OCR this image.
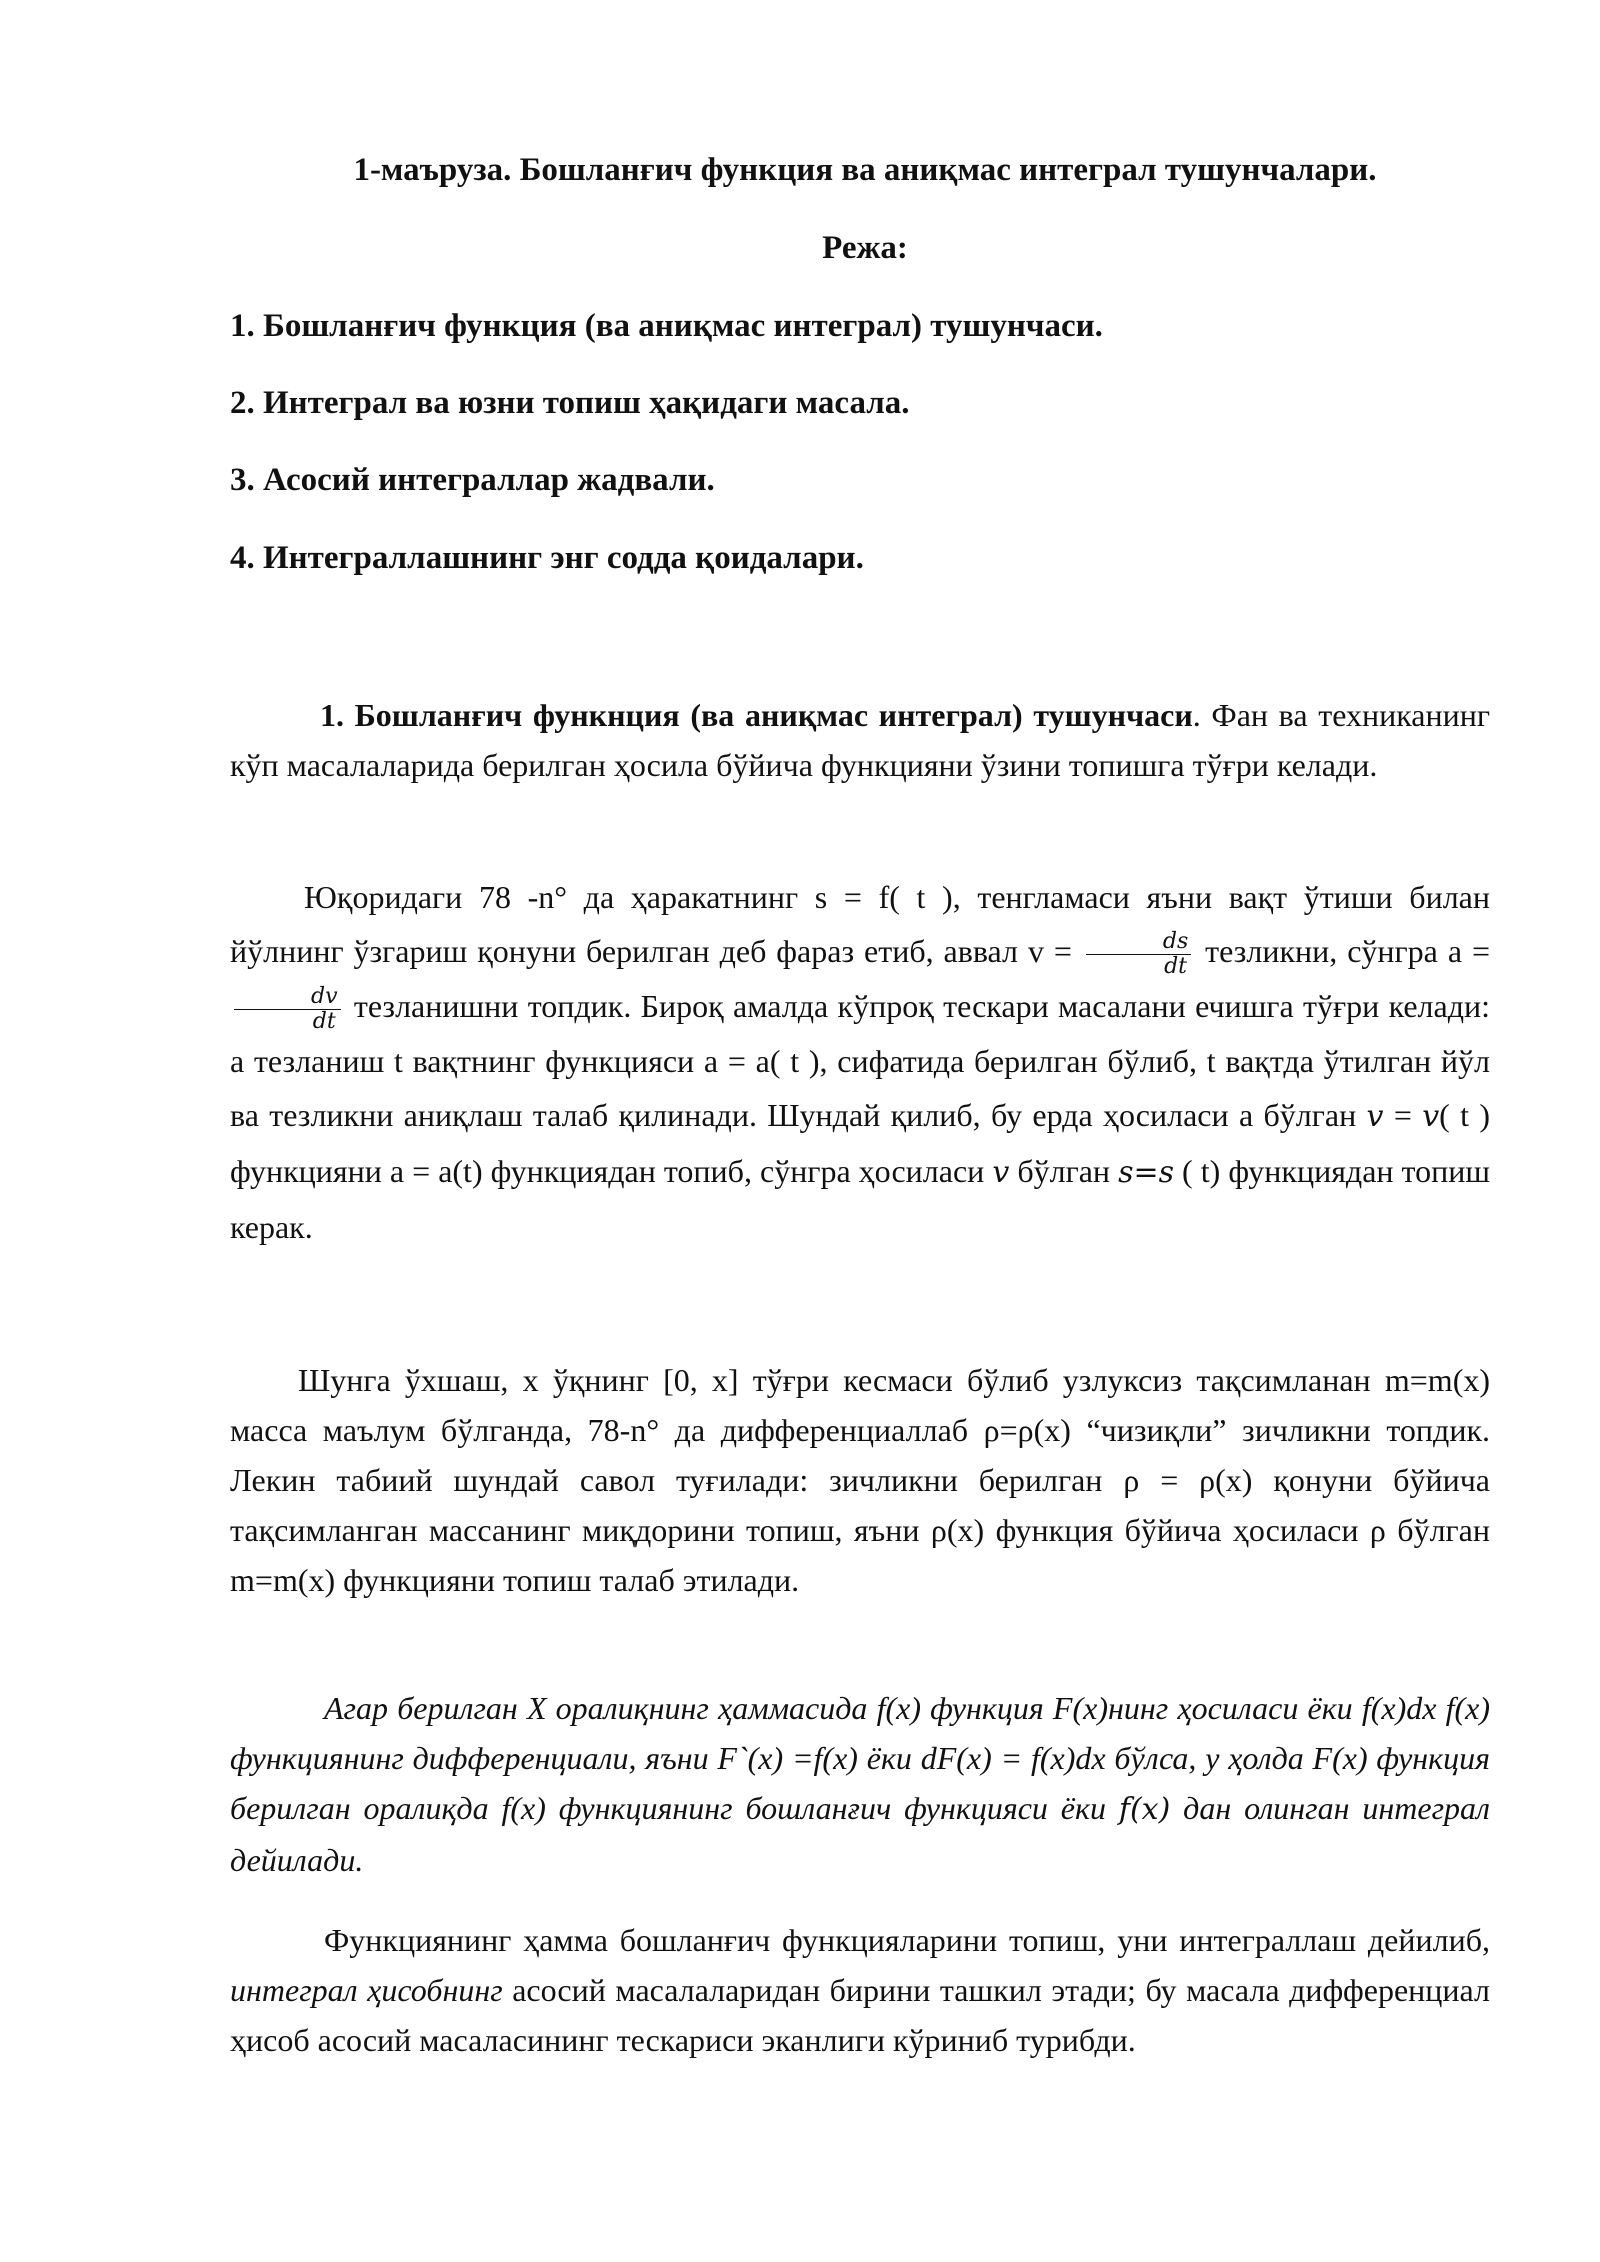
1-маъруза. Бошланғич функция ва аниқмас интеграл тушунчалари.
Режа:
1. Бошланғич функция (ва аниқмас интеграл) тушунчаси.
2. Интеграл ва юзни топиш ҳақидаги масала.
3. Асосий интеграллар жадвали.
4. Интеграллашнинг энг содда қоидалари.
1. Бошланғич функнция (ва аниқмас интеграл) тушунчаси. Фан ва техниканинг кўп масалаларида берилган ҳосила бўйича функцияни ўзини топишга тўғри келади.
Юқоридаги 78 -n° да ҳаракатнинг s = f( t ), тенгламаси яъни вақт ўтиши билан йўлнинг ўзгариш қонуни берилган деб фараз етиб, аввал $v = \frac{ds}{dt}$ тезликни, сўнгра a =
$\frac{dv}{dt}$ тезланишни топдик. Бироқ амалда кўпроқ тескари масалани ечишга тўғри келади: a тезланиш t вақтнинг функцияси a = a( t ), сифатида берилган бўлиб, t вақтда ўтилган йўл ва тезликни аниқлаш талаб қилинади. Шундай қилиб, бу ерда ҳосиласи a бўлган v = v( t ) функцияни a = a(t) функциядан топиб, сўнгра ҳосиласи v бўлган s=s ( t) функциядан топиш керак.
Шунга ўхшаш, x ўқнинг [0, x] тўғри кесмаси бўлиб узлуксиз тақсимланан m=m(x) масса маълум бўлганда, 78-n° да дифференциаллаб ρ=ρ(x) “чизиқли” зичликни топдик. Лекин табиий шундай савол туғилади: зичликни берилган ρ = ρ(x) қонуни бўйича тақсимланган массанинг миқдорини топиш, яъни ρ(x) функция бўйича ҳосиласи ρ бўлган m=m(x) функцияни топиш талаб этилади.
Агар берилган X оралиқнинг ҳаммасида f(x) функция F(x)нинг ҳосиласи ёки f(x)dx f(x) функциянинг дифференциали, яъни F`(x) =f(x) ёки dF(x) = f(x)dx бўлса, у ҳолда F(x) функция берилган оралиқда f(x) функциянинг бошланғич функцияси ёки f(x) дан олинган интеграл дейилади.
Функциянинг ҳамма бошланғич функцияларини топиш, уни интеграллаш дейилиб, интеграл ҳисобнинг асосий масалаларидан бирини ташкил этади; бу масала дифференциал ҳисоб асосий масаласининг тескариси эканлиги кўриниб турибди.
